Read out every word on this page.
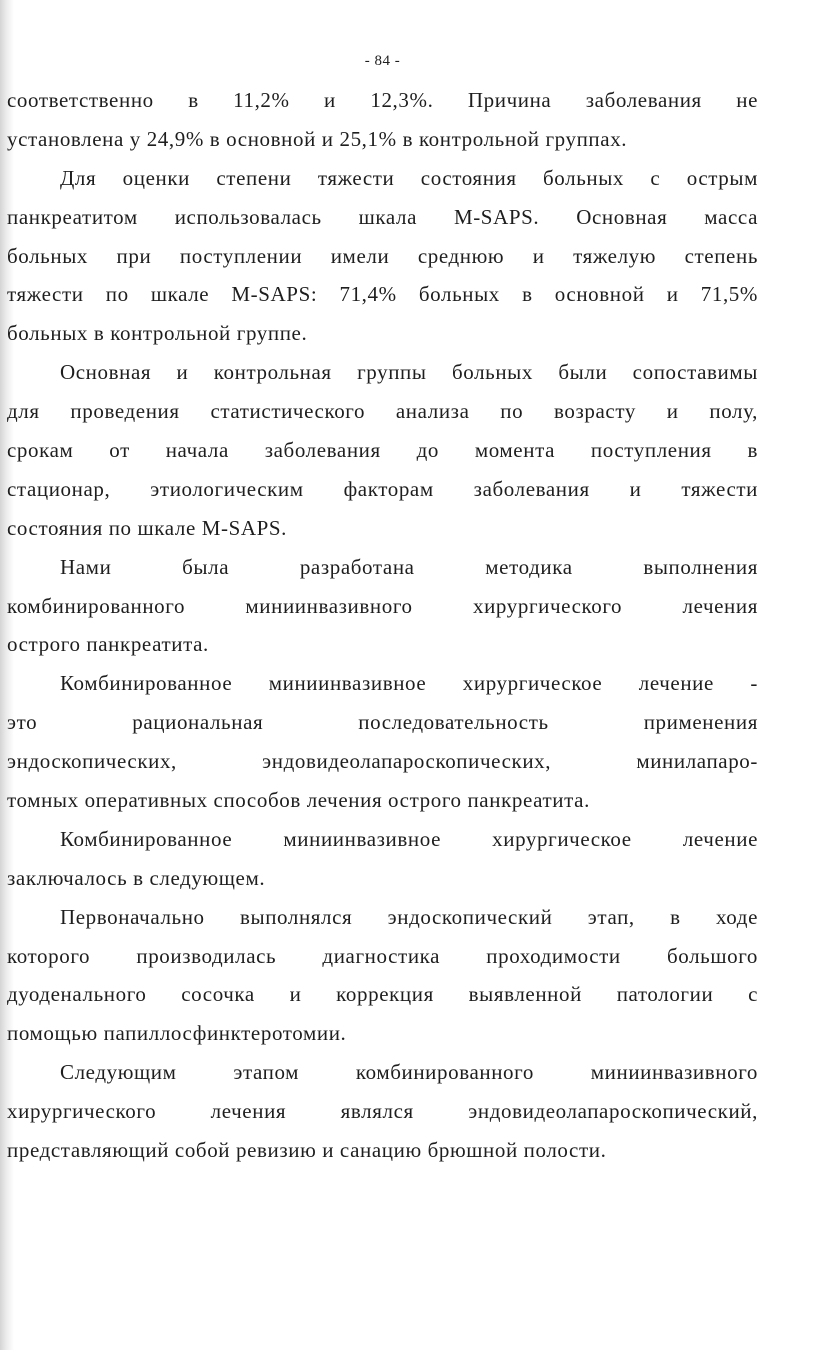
- 84 -
соответственно в 11,2% и 12,3%. Причина заболевания не
установлена у 24,9% в основной и 25,1% в контрольной группах.
Для оценки степени тяжести состояния больных с острым
панкреатитом использовалась шкала M-SAPS. Основная масса
больных при поступлении имели среднюю и тяжелую степень
тяжести по шкале M-SAPS: 71,4% больных в основной и 71,5%
больных в контрольной группе.
Основная и контрольная группы больных были сопоставимы
для проведения статистического анализа по возрасту и полу,
срокам от начала заболевания до момента поступления в
стационар, этиологическим факторам заболевания и тяжести
состояния по шкале M-SAPS.
Нами была разработана методика выполнения
комбинированного миниинвазивного хирургического лечения
острого панкреатита.
Комбинированное миниинвазивное хирургическое лечение -
это рациональная последовательность применения
эндоскопических, эндовидеолапароскопических, минилапаро-
томных оперативных способов лечения острого панкреатита.
Комбинированное миниинвазивное хирургическое лечение
заключалось в следующем.
Первоначально выполнялся эндоскопический этап, в ходе
которого производилась диагностика проходимости большого
дуоденального сосочка и коррекция выявленной патологии с
помощью папиллосфинктеротомии.
Следующим этапом комбинированного миниинвазивного
хирургического лечения являлся эндовидеолапароскопический,
представляющий собой ревизию и санацию брюшной полости.
